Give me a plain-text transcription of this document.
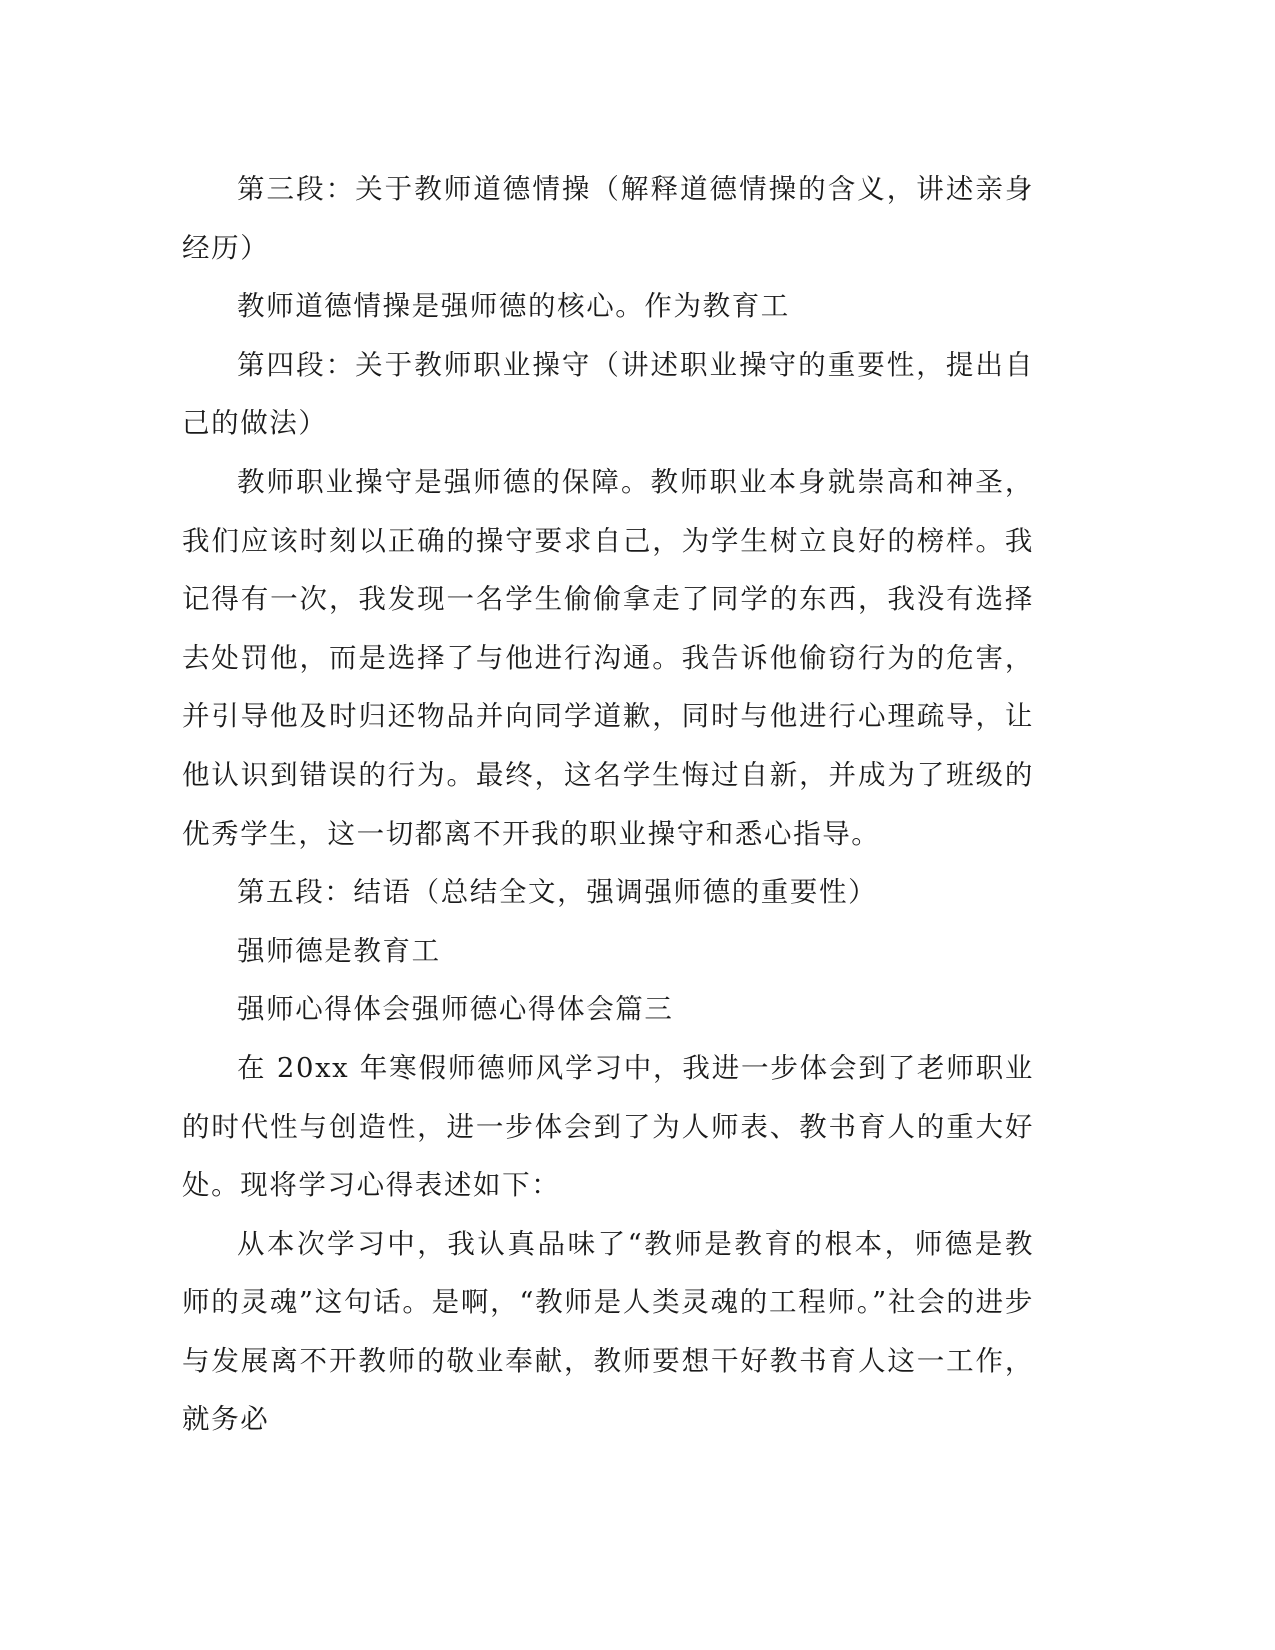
第三段：关于教师道德情操（解释道德情操的含义，讲述亲身经历）

教师道德情操是强师德的核心。作为教育工

第四段：关于教师职业操守（讲述职业操守的重要性，提出自己的做法）

教师职业操守是强师德的保障。教师职业本身就崇高和神圣，我们应该时刻以正确的操守要求自己，为学生树立良好的榜样。我记得有一次，我发现一名学生偷偷拿走了同学的东西，我没有选择去处罚他，而是选择了与他进行沟通。我告诉他偷窃行为的危害，并引导他及时归还物品并向同学道歉，同时与他进行心理疏导，让他认识到错误的行为。最终，这名学生悔过自新，并成为了班级的优秀学生，这一切都离不开我的职业操守和悉心指导。

第五段：结语（总结全文，强调强师德的重要性）

强师德是教育工

强师心得体会强师德心得体会篇三

在 20xx 年寒假师德师风学习中，我进一步体会到了老师职业的时代性与创造性，进一步体会到了为人师表、教书育人的重大好处。现将学习心得表述如下：

从本次学习中，我认真品味了“教师是教育的根本，师德是教师的灵魂”这句话。是啊，“教师是人类灵魂的工程师。”社会的进步与发展离不开教师的敬业奉献，教师要想干好教书育人这一工作，就务必
